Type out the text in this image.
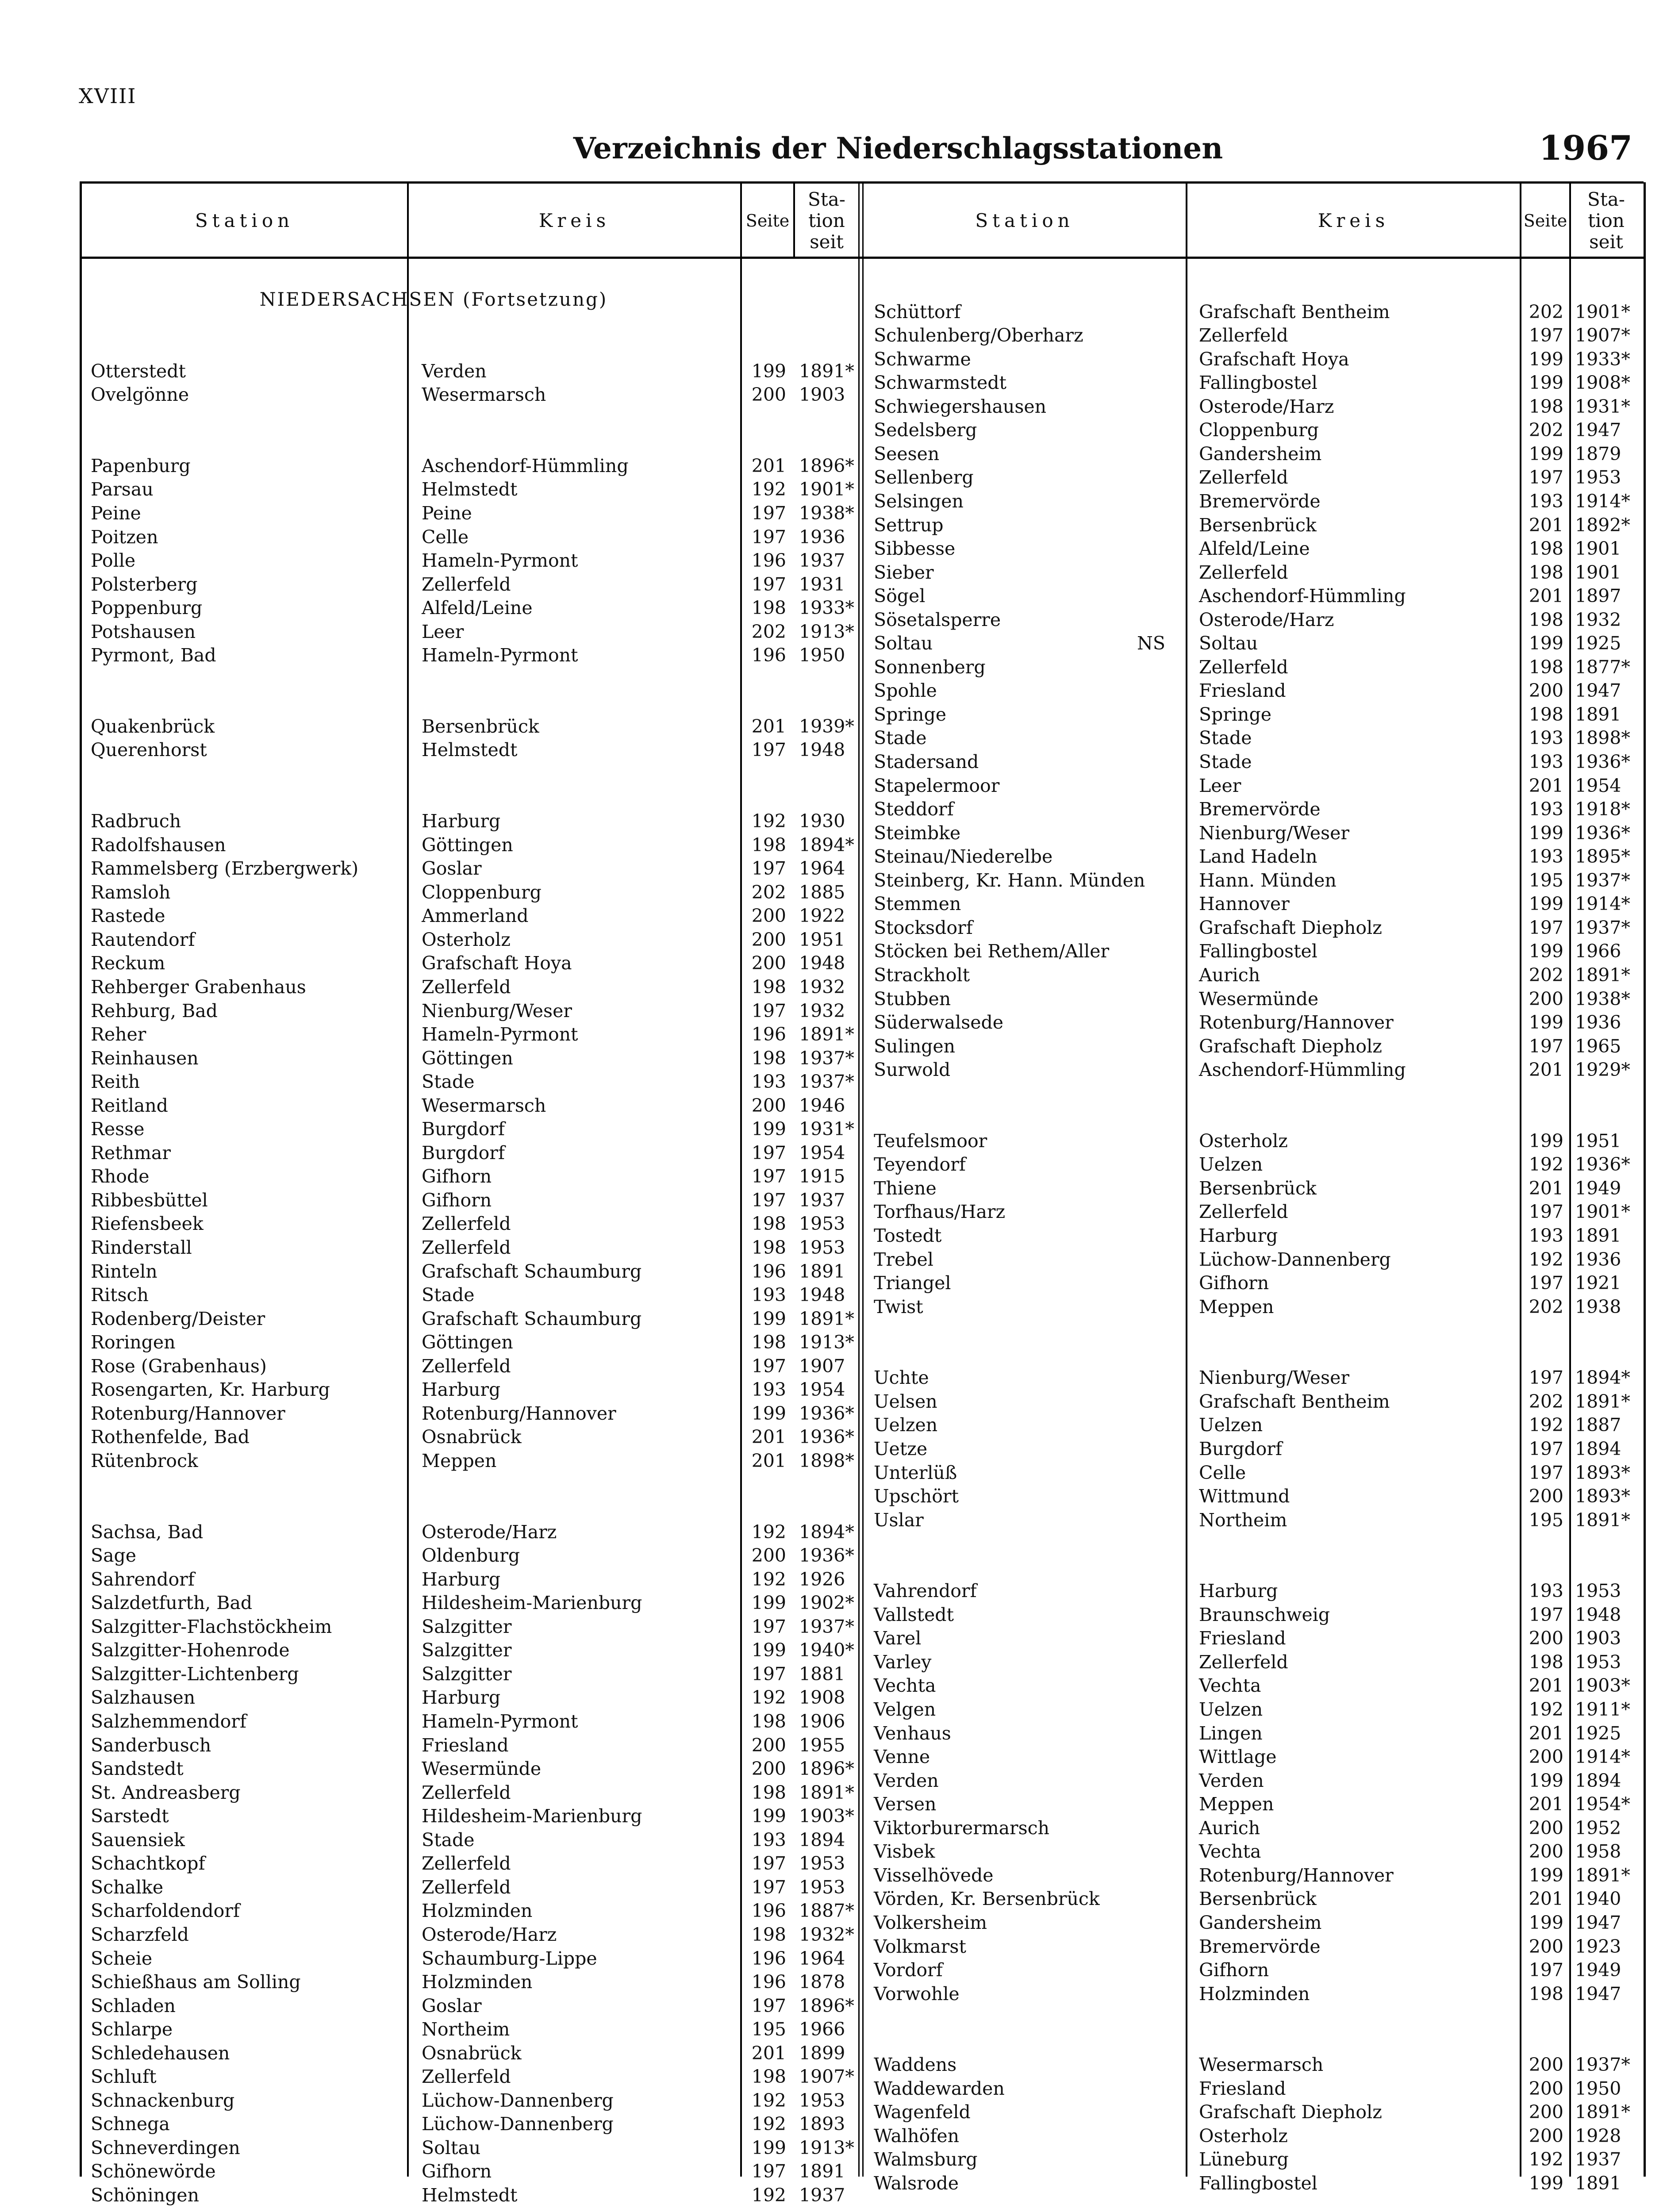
XVIII
Verzeichnis der Niederschlagsstationen	1967
Station	Kreis	Seite
Sta-
tion
seit
Station	Kreis	Seite
Sta-
tion
seit
NIEDERSACHSEN (Fortsetzung)
Otterstedt	Verden	199 1891*
Ovelgönne	Wesermarsch	200 1903
Papenburg	Aschendorf-Hümmling	201 1896*
Parsau	Helmstedt	192 1901*
Peine	Peine	197 1938*
Poitzen	Celle	197 1936
Polle	Hameln-Pyrmont	196 1937
Polsterberg	Zellerfeld	197 1931
Poppenburg	Alfeld/Leine	198 1933*
Potshausen	Leer	202 1913*
Pyrmont, Bad	Hameln-Pyrmont	196 1950
Quakenbrück	Bersenbrück	201 1939*
Querenhorst	Helmstedt	197 1948
Radbruch	Harburg	192 1930
Radolfshausen	Göttingen	198 1894*
Rammelsberg (Erzbergwerk)	Goslar	197 1964
Ramsloh	Cloppenburg	202 1885
Rastede	Ammerland	200 1922
Rautendorf	Osterholz	200 1951
Reckum	Grafschaft Hoya	200 1948
Rehberger Grabenhaus	Zellerfeld	198 1932
Rehburg, Bad	Nienburg/Weser	197 1932
Reher	Hameln-Pyrmont	196 1891*
Reinhausen	Göttingen	198 1937*
Reith	Stade	193 1937*
Reitland	Wesermarsch	200 1946
Resse	Burgdorf	199 1931*
Rethmar	Burgdorf	197 1954
Rhode	Gifhorn	197 1915
Ribbesbüttel	Gifhorn	197 1937
Riefensbeek	Zellerfeld	198 1953
Rinderstall	Zellerfeld	198 1953
Rinteln	Grafschaft Schaumburg	196 1891
Ritsch	Stade	193 1948
Rodenberg/Deister	Grafschaft Schaumburg	199 1891*
Roringen	Göttingen	198 1913*
Rose (Grabenhaus)	Zellerfeld	197 1907
Rosengarten, Kr. Harburg	Harburg	193 1954
Rotenburg/Hannover	Rotenburg/Hannover	199 1936*
Rothenfelde, Bad	Osnabrück	201 1936*
Rütenbrock	Meppen	201 1898*
Sachsa, Bad	Osterode/Harz	192 1894*
Sage	Oldenburg	200 1936*
Sahrendorf	Harburg	192 1926
Salzdetfurth, Bad	Hildesheim-Marienburg	199 1902*
Salzgitter-Flachstöckheim	Salzgitter	197 1937*
Salzgitter-Hohenrode	Salzgitter	199 1940*
Salzgitter-Lichtenberg	Salzgitter	197 1881
Salzhausen	Harburg	192 1908
Salzhemmendorf	Hameln-Pyrmont	198 1906
Sanderbusch	Friesland	200 1955
Sandstedt	Wesermünde	200 1896*
St. Andreasberg	Zellerfeld	198 1891*
Sarstedt	Hildesheim-Marienburg	199 1903*
Sauensiek	Stade	193 1894
Schachtkopf	Zellerfeld	197 1953
Schalke	Zellerfeld	197 1953
Scharfoldendorf	Holzminden	196 1887*
Scharzfeld	Osterode/Harz	198 1932*
Scheie	Schaumburg-Lippe	196 1964
Schießhaus am Solling	Holzminden	196 1878
Schladen	Goslar	197 1896*
Schlarpe	Northeim	195 1966
Schledehausen	Osnabrück	201 1899
Schluft	Zellerfeld	198 1907*
Schnackenburg	Lüchow-Dannenberg	192 1953
Schnega	Lüchow-Dannenberg	192 1893
Schneverdingen	Soltau	199 1913*
Schönewörde	Gifhorn	197 1891
Schöningen	Helmstedt	192 1937
Schüttorf	Grafschaft Bentheim	202 1901*
Schulenberg/Oberharz	Zellerfeld	197 1907*
Schwarme	Grafschaft Hoya	199 1933*
Schwarmstedt	Fallingbostel	199 1908*
Schwiegershausen	Osterode/Harz	198 1931*
Sedelsberg	Cloppenburg	202 1947
Seesen	Gandersheim	199 1879
Sellenberg	Zellerfeld	197 1953
Selsingen	Bremervörde	193 1914*
Settrup	Bersenbrück	201 1892*
Sibbesse	Alfeld/Leine	198 1901
Sieber	Zellerfeld	198 1901
Sögel	Aschendorf-Hümmling	201 1897
Sösetalsperre	Osterode/Harz	198 1932
Soltau	Soltau	199 1925
NS
Sonnenberg	Zellerfeld	198 1877*
Spohle	Friesland	200 1947
Springe	Springe	198 1891
Stade	Stade	193 1898*
Stadersand	Stade	193 1936*
Stapelermoor	Leer	201 1954
Steddorf	Bremervörde	193 1918*
Steimbke	Nienburg/Weser	199 1936*
Steinau/Niederelbe	Land Hadeln	193 1895*
Steinberg, Kr. Hann. Münden	Hann. Münden	195 1937*
Stemmen	Hannover	199 1914*
Stocksdorf	Grafschaft Diepholz	197 1937*
Stöcken bei Rethem/Aller	Fallingbostel	199 1966
Strackholt	Aurich	202 1891*
Stubben	Wesermünde	200 1938*
Süderwalsede	Rotenburg/Hannover	199 1936
Sulingen	Grafschaft Diepholz	197 1965
Surwold	Aschendorf-Hümmling	201 1929*
Teufelsmoor	Osterholz	199 1951
Teyendorf	Uelzen	192 1936*
Thiene	Bersenbrück	201 1949
Torfhaus/Harz	Zellerfeld	197 1901*
Tostedt	Harburg	193 1891
Trebel	Lüchow-Dannenberg	192 1936
Triangel	Gifhorn	197 1921
Twist	Meppen	202 1938
Uchte	Nienburg/Weser	197 1894*
Uelsen	Grafschaft Bentheim	202 1891*
Uelzen	Uelzen	192 1887
Uetze	Burgdorf	197 1894
Unterlüß	Celle	197 1893*
Upschört	Wittmund	200 1893*
Uslar	Northeim	195 1891*
Vahrendorf	Harburg	193 1953
Vallstedt	Braunschweig	197 1948
Varel	Friesland	200 1903
Varley	Zellerfeld	198 1953
Vechta	Vechta	201 1903*
Velgen	Uelzen	192 1911*
Venhaus	Lingen	201 1925
Venne	Wittlage	200 1914*
Verden	Verden	199 1894
Versen	Meppen	201 1954*
Viktorburermarsch	Aurich	200 1952
Visbek	Vechta	200 1958
Visselhövede	Rotenburg/Hannover	199 1891*
Vörden, Kr. Bersenbrück	Bersenbrück	201 1940
Volkersheim	Gandersheim	199 1947
Volkmarst	Bremervörde	200 1923
Vordorf	Gifhorn	197 1949
Vorwohle	Holzminden	198 1947
Waddens	Wesermarsch	200 1937*
Waddewarden	Friesland	200 1950
Wagenfeld	Grafschaft Diepholz	200 1891*
Walhöfen	Osterholz	200 1928
Walmsburg	Lüneburg	192 1937
Walsrode	Fallingbostel	199 1891
